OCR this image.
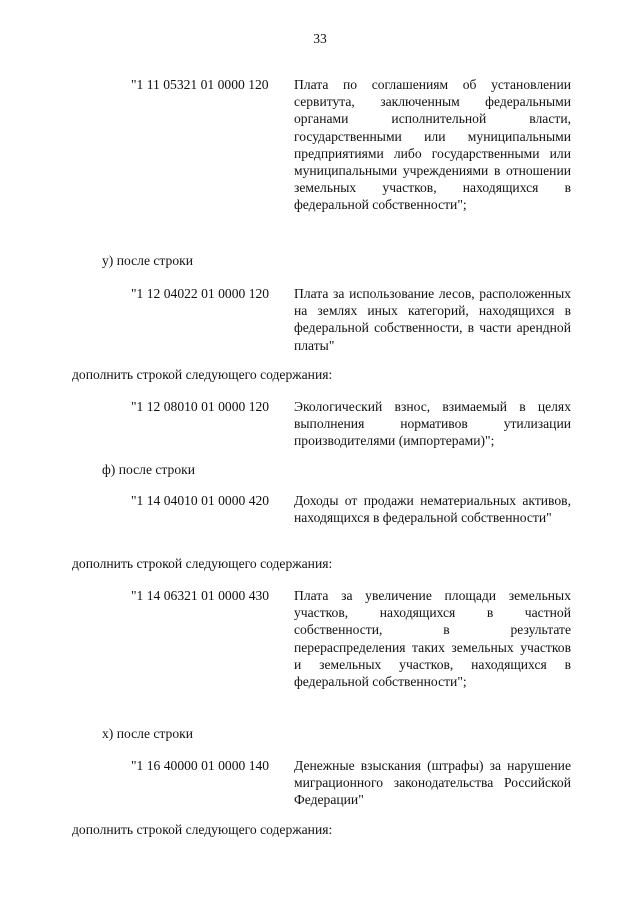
33
"1 11 05321 01 0000 120 Плата по соглашениям об установлении сервитута, заключенным федеральными органами исполнительной власти, государственными или муниципальными предприятиями либо государственными или муниципальными учреждениями в отношении земельных участков, находящихся в федеральной собственности";
у) после строки
"1 12 04022 01 0000 120 Плата за использование лесов, расположенных на землях иных категорий, находящихся в федеральной собственности, в части арендной платы"
дополнить строкой следующего содержания:
"1 12 08010 01 0000 120 Экологический взнос, взимаемый в целях выполнения нормативов утилизации производителями (импортерами)";
ф) после строки
"1 14 04010 01 0000 420 Доходы от продажи нематериальных активов, находящихся в федеральной собственности"
дополнить строкой следующего содержания:
"1 14 06321 01 0000 430 Плата за увеличение площади земельных участков, находящихся в частной собственности, в результате перераспределения таких земельных участков и земельных участков, находящихся в федеральной собственности";
х) после строки
"1 16 40000 01 0000 140 Денежные взыскания (штрафы) за нарушение миграционного законодательства Российской Федерации"
дополнить строкой следующего содержания:
